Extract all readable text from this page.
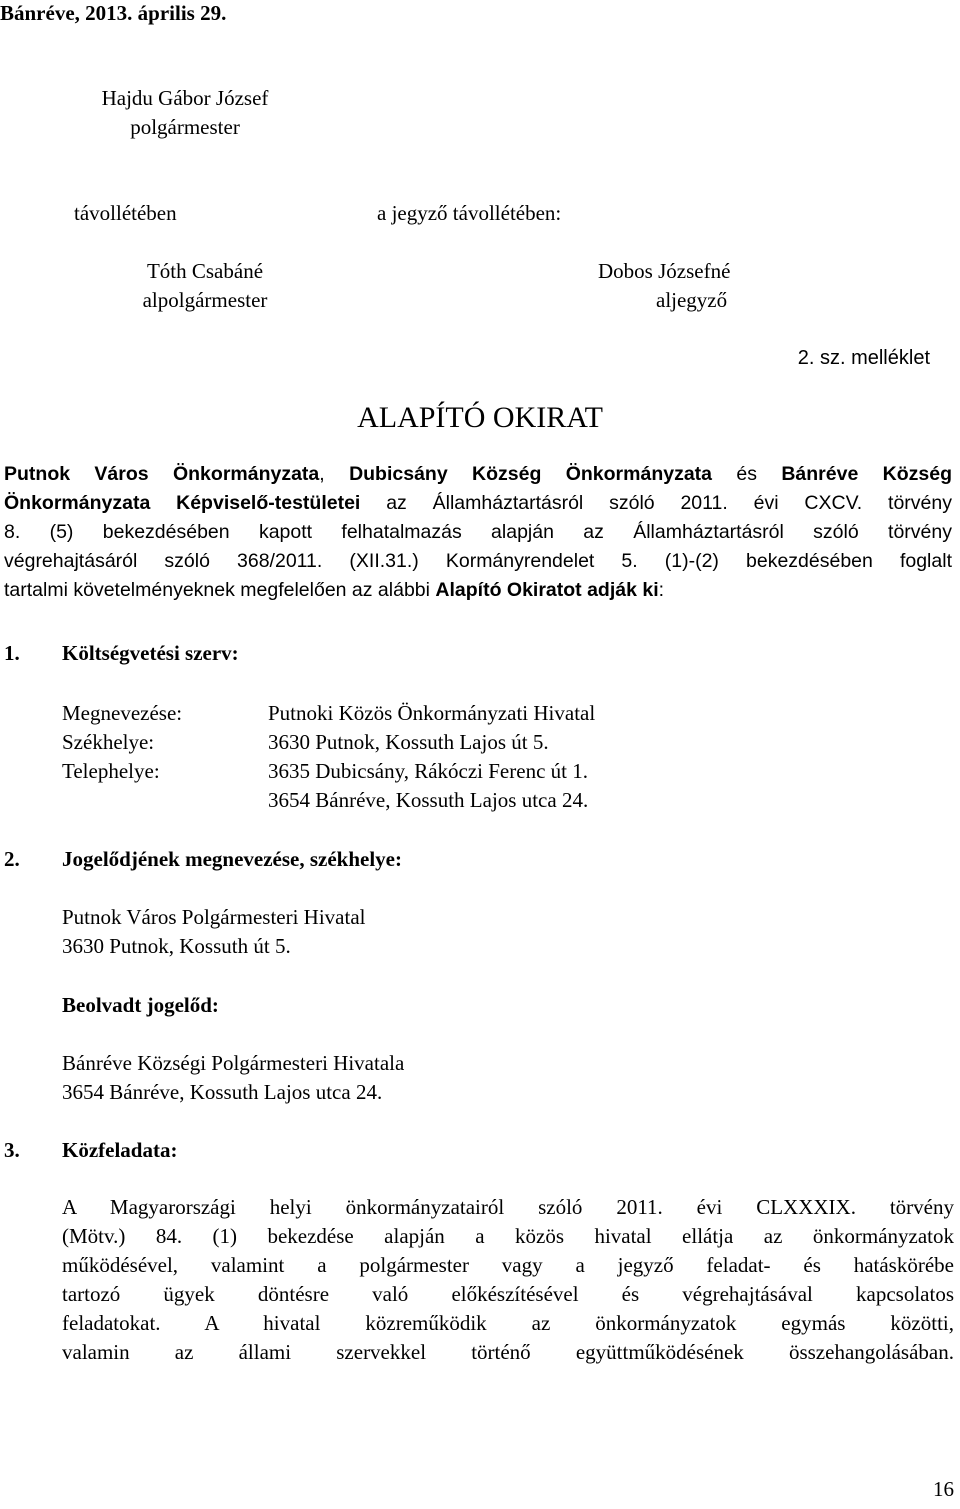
Bánréve, 2013. április 29.
Hajdu Gábor József
polgármester
távollétében	a jegyző távollétében:
Tóth Csabáné
alpolgármester
Dobos Józsefné
aljegyző
2. sz. melléklet
ALAPÍTÓ OKIRAT
Putnok Város Önkormányzata, Dubicsány Község Önkormányzata és Bánréve Község
Önkormányzata Képviselő-testületei az Államháztartásról szóló 2011. évi CXCV. törvény
8. (5) bekezdésében kapott felhatalmazás alapján az Államháztartásról szóló törvény
végrehajtásáról szóló 368/2011. (XII.31.) Kormányrendelet 5. (1)-(2) bekezdésében foglalt
tartalmi követelményeknek megfelelően az alábbi Alapító Okiratot adják ki:
1. Költségvetési szerv:
Megnevezése:	Putnoki Közös Önkormányzati Hivatal
Székhelye:	3630 Putnok, Kossuth Lajos út 5.
Telephelye:	3635 Dubicsány, Rákóczi Ferenc út 1.
3654 Bánréve, Kossuth Lajos utca 24.
2. Jogelődjének megnevezése, székhelye:
Putnok Város Polgármesteri Hivatal
3630 Putnok, Kossuth út 5.
Beolvadt jogelőd:
Bánréve Községi Polgármesteri Hivatala
3654 Bánréve, Kossuth Lajos utca 24.
3. Közfeladata:
A Magyarországi helyi önkormányzatairól szóló 2011. évi CLXXXIX. törvény
(Mötv.) 84. (1) bekezdése alapján a közös hivatal ellátja az önkormányzatok
működésével, valamint a polgármester vagy a jegyző feladat- és hatáskörébe
tartozó ügyek döntésre való előkészítésével és végrehajtásával kapcsolatos
feladatokat. A hivatal közreműködik az önkormányzatok egymás közötti,
valamin az állami szervekkel történő együttműködésének összehangolásában.
16
